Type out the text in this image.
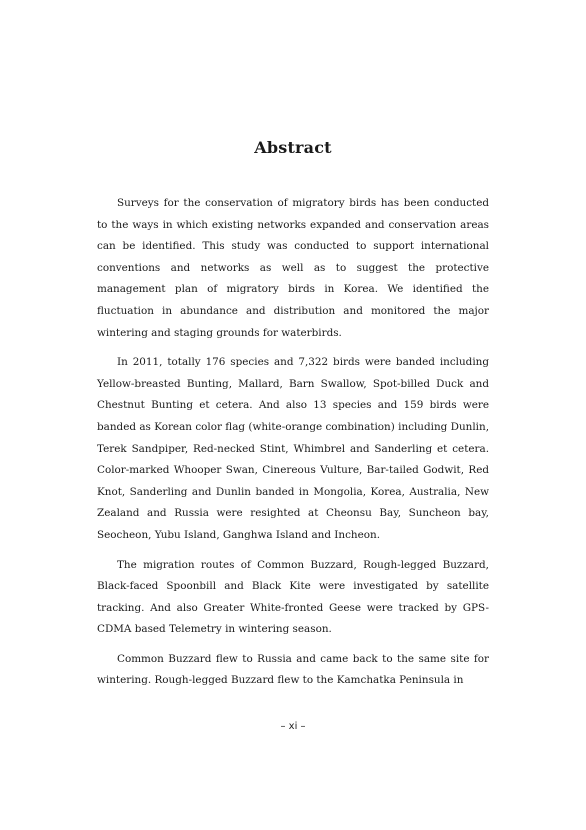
Abstract

Surveys for the conservation of migratory birds has been conducted to the ways in which existing networks expanded and conservation areas can be identified. This study was conducted to support international conventions and networks as well as to suggest the protective management plan of migratory birds in Korea. We identified the fluctuation in abundance and distribution and monitored the major wintering and staging grounds for waterbirds.

In 2011, totally 176 species and 7,322 birds were banded including Yellow-breasted Bunting, Mallard, Barn Swallow, Spot-billed Duck and Chestnut Bunting et cetera. And also 13 species and 159 birds were banded as Korean color flag (white-orange combination) including Dunlin, Terek Sandpiper, Red-necked Stint, Whimbrel and Sanderling et cetera. Color-marked Whooper Swan, Cinereous Vulture, Bar-tailed Godwit, Red Knot, Sanderling and Dunlin banded in Mongolia, Korea, Australia, New Zealand and Russia were resighted at Cheonsu Bay, Suncheon bay, Seocheon, Yubu Island, Ganghwa Island and Incheon.

The migration routes of Common Buzzard, Rough-legged Buzzard, Black-faced Spoonbill and Black Kite were investigated by satellite tracking. And also Greater White-fronted Geese were tracked by GPS-CDMA based Telemetry in wintering season.

Common Buzzard flew to Russia and came back to the same site for wintering. Rough-legged Buzzard flew to the Kamchatka Peninsula in

– xi –
